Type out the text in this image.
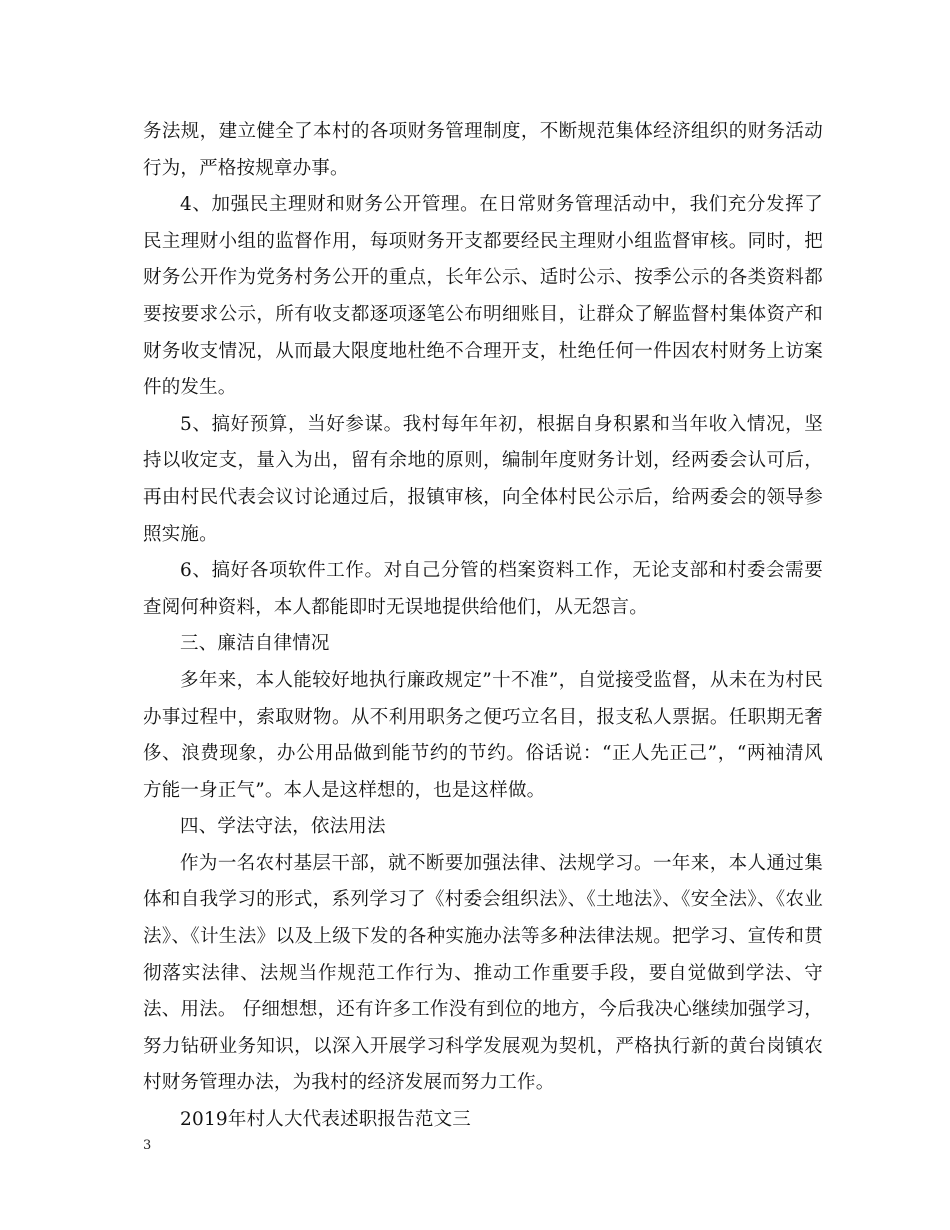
务法规，建立健全了本村的各项财务管理制度，不断规范集体经济组织的财务活动行为，严格按规章办事。

4、加强民主理财和财务公开管理。在日常财务管理活动中，我们充分发挥了民主理财小组的监督作用，每项财务开支都要经民主理财小组监督审核。同时，把财务公开作为党务村务公开的重点，长年公示、适时公示、按季公示的各类资料都要按要求公示，所有收支都逐项逐笔公布明细账目，让群众了解监督村集体资产和财务收支情况，从而最大限度地杜绝不合理开支，杜绝任何一件因农村财务上访案件的发生。

5、搞好预算，当好参谋。我村每年年初，根据自身积累和当年收入情况，坚持以收定支，量入为出，留有余地的原则，编制年度财务计划，经两委会认可后，再由村民代表会议讨论通过后，报镇审核，向全体村民公示后，给两委会的领导参照实施。

6、搞好各项软件工作。对自己分管的档案资料工作，无论支部和村委会需要查阅何种资料，本人都能即时无误地提供给他们，从无怨言。

三、廉洁自律情况

多年来，本人能较好地执行廉政规定”十不准”，自觉接受监督，从未在为村民办事过程中，索取财物。从不利用职务之便巧立名目，报支私人票据。任职期无奢侈、浪费现象，办公用品做到能节约的节约。俗话说：“正人先正己”，“两袖清风方能一身正气”。本人是这样想的，也是这样做。

四、学法守法，依法用法

作为一名农村基层干部，就不断要加强法律、法规学习。一年来，本人通过集体和自我学习的形式，系列学习了《村委会组织法》、《土地法》、《安全法》、《农业法》、《计生法》以及上级下发的各种实施办法等多种法律法规。把学习、宣传和贯彻落实法律、法规当作规范工作行为、推动工作重要手段，要自觉做到学法、守法、用法。 仔细想想，还有许多工作没有到位的地方，今后我决心继续加强学习，努力钻研业务知识，以深入开展学习科学发展观为契机，严格执行新的黄台岗镇农村财务管理办法，为我村的经济发展而努力工作。

2019年村人大代表述职报告范文三

3
